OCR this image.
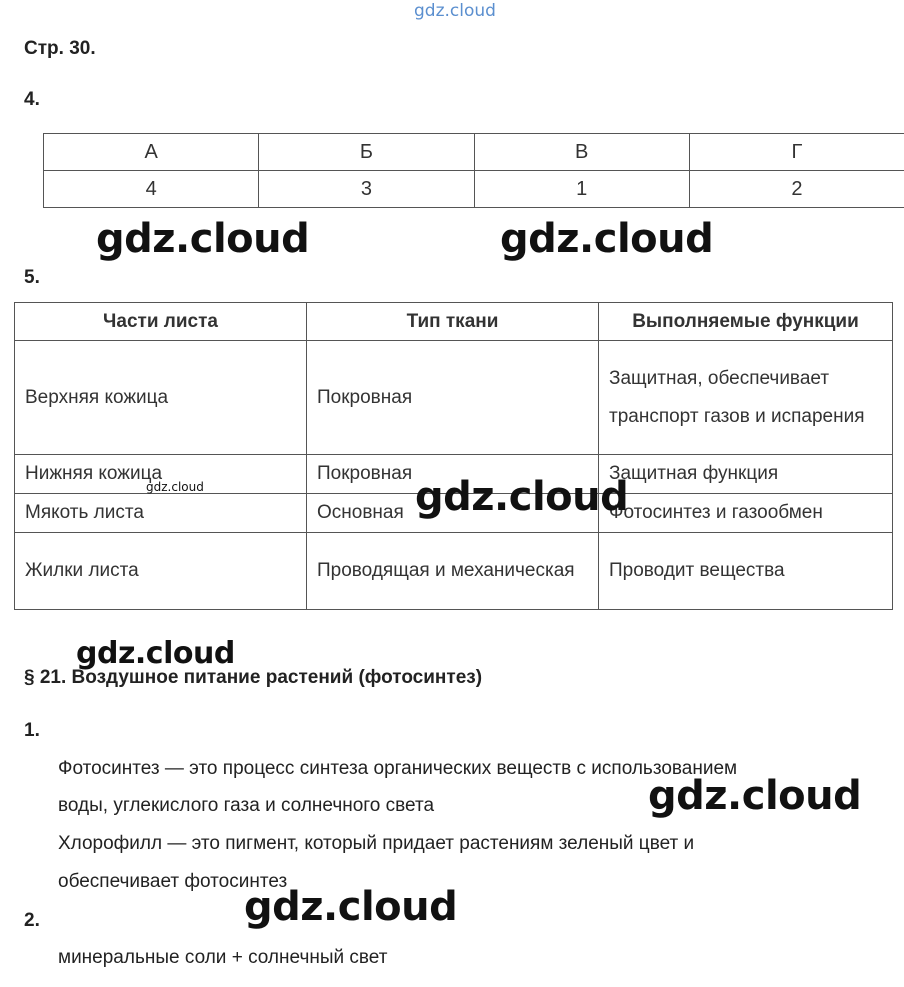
gdz.cloud
Стр. 30.
4.
А	Б	В	Г
4	3	1	2
5.
Части листа	Тип ткани	Выполняемые функции
Верхняя кожица	Покровная	Защитная, обеспечивает транспорт газов и испарения
Нижняя кожица	Покровная	Защитная функция
Мякоть листа	Основная	Фотосинтез и газообмен
Жилки листа	Проводящая и механическая	Проводит вещества
§ 21. Воздушное питание растений (фотосинтез)
1.
Фотосинтез — это процесс синтеза органических веществ с использованием
воды, углекислого газа и солнечного света
Хлорофилл — это пигмент, который придает растениям зеленый цвет и
обеспечивает фотосинтез
2.
минеральные соли + солнечный свет
gdz.cloud	gdz.cloud
gdz.cloud	gdz.cloud
gdz.cloud
gdz.cloud
gdz.cloud
